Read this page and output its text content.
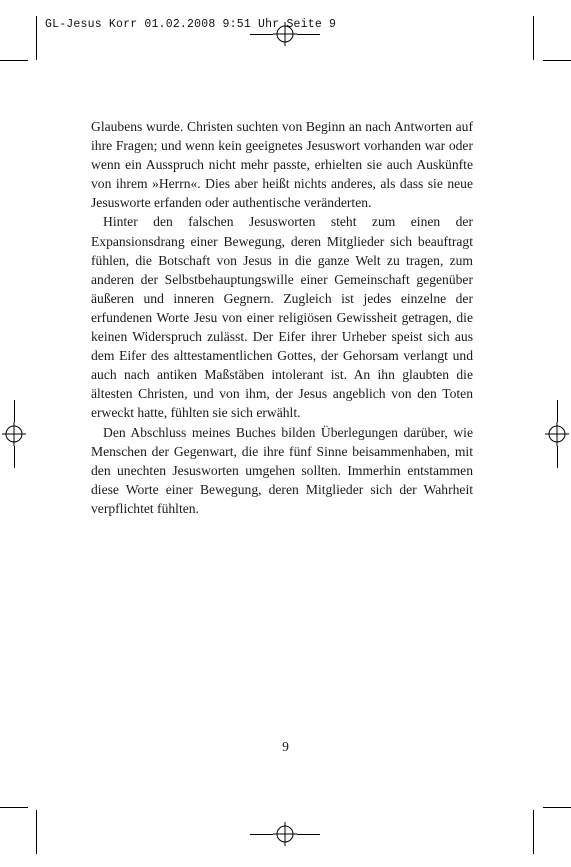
GL-Jesus Korr 01.02.2008 9:51 Uhr Seite 9

Glaubens wurde. Christen suchten von Beginn an nach Antworten auf ihre Fragen; und wenn kein geeignetes Jesuswort vorhanden war oder wenn ein Ausspruch nicht mehr passte, erhielten sie auch Auskünfte von ihrem »Herrn«. Dies aber heißt nichts anderes, als dass sie neue Jesusworte erfanden oder authentische veränderten.

Hinter den falschen Jesusworten steht zum einen der Expansionsdrang einer Bewegung, deren Mitglieder sich beauftragt fühlen, die Botschaft von Jesus in die ganze Welt zu tragen, zum anderen der Selbstbehauptungswille einer Gemeinschaft gegenüber äußeren und inneren Gegnern. Zugleich ist jedes einzelne der erfundenen Worte Jesu von einer religiösen Gewissheit getragen, die keinen Widerspruch zulässt. Der Eifer ihrer Urheber speist sich aus dem Eifer des alttestamentlichen Gottes, der Gehorsam verlangt und auch nach antiken Maßstäben intolerant ist. An ihn glaubten die ältesten Christen, und von ihm, der Jesus angeblich von den Toten erweckt hatte, fühlten sie sich erwählt.

Den Abschluss meines Buches bilden Überlegungen darüber, wie Menschen der Gegenwart, die ihre fünf Sinne beisammenhaben, mit den unechten Jesusworten umgehen sollten. Immerhin entstammen diese Worte einer Bewegung, deren Mitglieder sich der Wahrheit verpflichtet fühlten.

9
